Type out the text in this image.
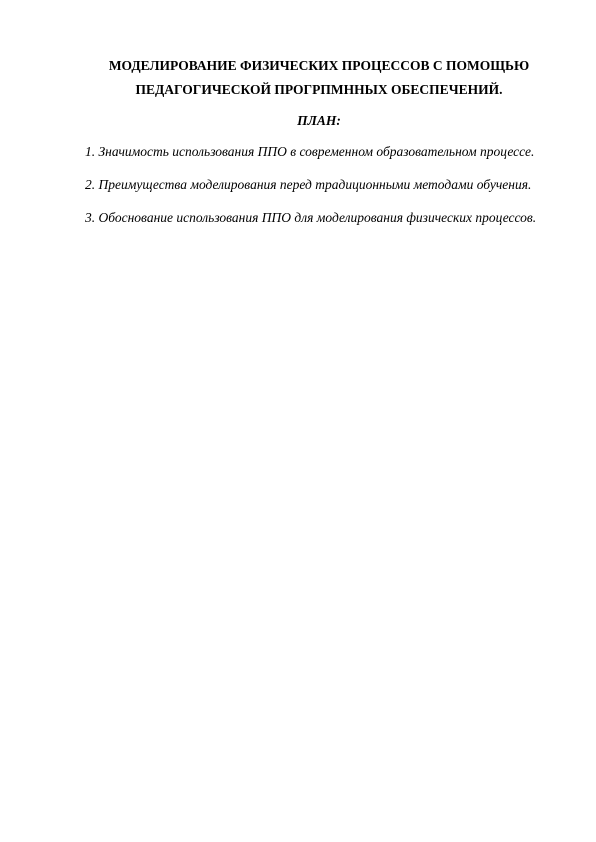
МОДЕЛИРОВАНИЕ ФИЗИЧЕСКИХ ПРОЦЕССОВ С ПОМОЩЬЮ
ПЕДАГОГИЧЕСКОЙ ПРОГРПМННЫХ ОБЕСПЕЧЕНИЙ.

ПЛАН:

1. Значимость использования ППО в современном образовательном процессе.
2. Преимущества моделирования перед традиционными методами обучения.
3. Обоснование использования ППО для моделирования физических процессов.
